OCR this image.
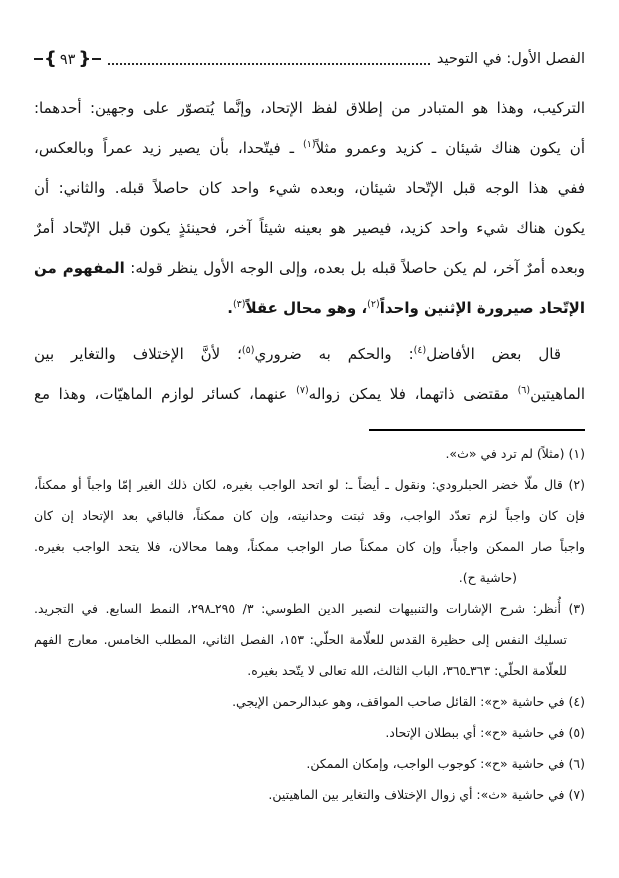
الفصل الأول: في التوحيد
{
٩٣
}

التركيب، وهذا هو المتبادر من إطلاق لفظ الإتحاد، وإنَّما يُتصوّر على وجهين: أحدهما:

أن يكون هناك شيئان ـ كزيد وعمرو مثلاً$^{(١)}$ ـ فيتّحدا، بأن يصير زيد عمراً وبالعكس،

ففي هذا الوجه قبل الإتّحاد شيئان، وبعده شيء واحد كان حاصلاً قبله. والثاني: أن

يكون هناك شيء واحد كزيد، فيصير هو بعينه شيئاً آخر، فحينئذٍ يكون قبل الإتّحاد أمرٌ

وبعده أمرٌ آخر، لم يكن حاصلاً قبله بل بعده، وإلى الوجه الأول ينظر قوله: المفهوم من

الإتّحاد صيرورة الإثنين واحداً$^{(٢)}$، وهو محال عقلاً$^{(٣)}$.

قال بعض الأفاضل$^{(٤)}$: والحكم به ضروري$^{(٥)}$؛ لأنَّ الإختلاف والتغاير بين

الماهيتين$^{(٦)}$ مقتضى ذاتهما، فلا يمكن زواله$^{(٧)}$ عنهما، كسائر لوازم الماهيّات، وهذا مع

(١) (مثلاً) لم ترد في «ث».

(٢) قال ملّا خضر الحبلرودي: ونقول ـ أيضاً ـ: لو اتحد الواجب بغيره، لكان ذلك الغير إمّا واجباً أو ممكناً،

فإن كان واجباً لزم تعدّد الواجب، وقد ثبتت وحدانيته، وإن كان ممكناً، فالباقي بعد الإتحاد إن كان

واجباً صار الممكن واجباً، وإن كان ممكناً صار الواجب ممكناً، وهما محالان، فلا يتحد الواجب بغيره.

(حاشية ح).

(٣) أُنظر: شرح الإشارات والتنبيهات لنصير الدين الطوسي: ٣/ ٢٩٥ـ٢٩٨، النمط السابع. في التجريد.

تسليك النفس إلى حظيرة القدس للعلّامة الحلّي: ١٥٣، الفصل الثاني، المطلب الخامس. معارج الفهم

للعلّامة الحلّي: ٣٦٣ـ٣٦٥، الباب الثالث، الله تعالى لا يتّحد بغيره.

(٤) في حاشية «ح»: القائل صاحب المواقف، وهو عبدالرحمن الإيجي.

(٥) في حاشية «ح»: أي ببطلان الإتحاد.

(٦) في حاشية «ح»: كوجوب الواجب، وإمكان الممكن.

(٧) في حاشية «ث»: أي زوال الإختلاف والتغاير بين الماهيتين.
